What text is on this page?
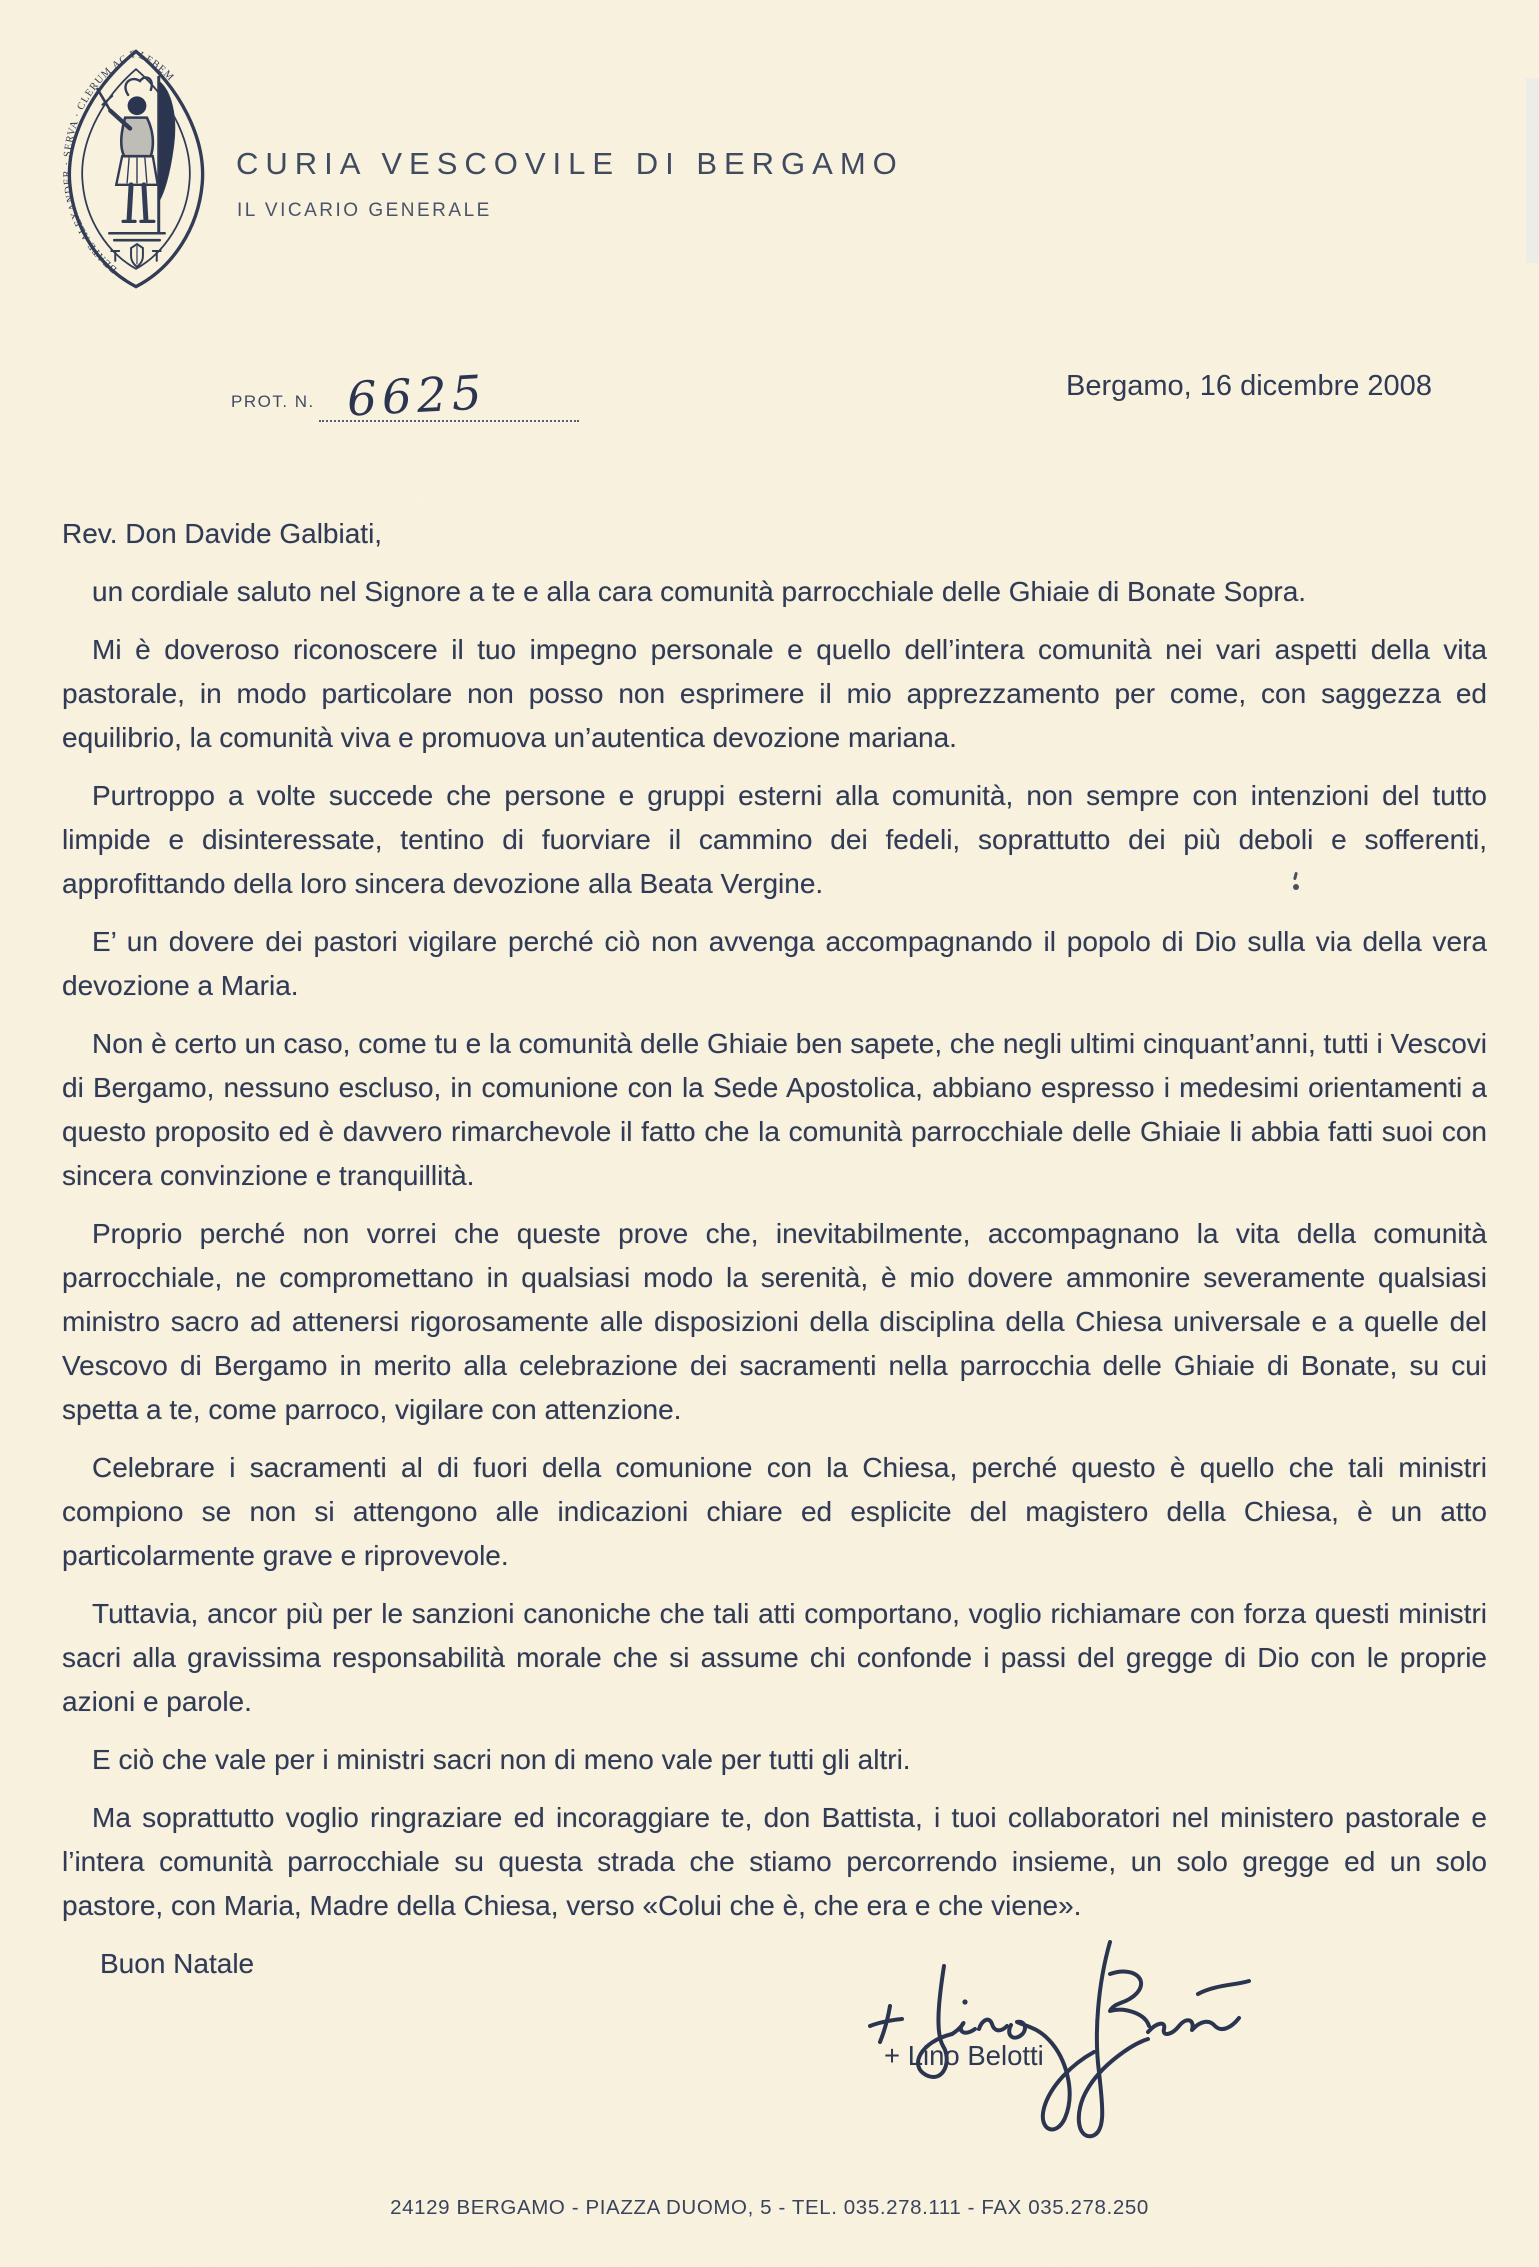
BEATE ALEXANDER · SERVA · CLERUM AC PLEBEM
CURIA VESCOVILE DI BERGAMO
IL VICARIO GENERALE
PROT. N. 6625	Bergamo, 16 dicembre 2008

Rev. Don Davide Galbiati,

un cordiale saluto nel Signore a te e alla cara comunità parrocchiale delle Ghiaie di Bonate Sopra.

Mi è doveroso riconoscere il tuo impegno personale e quello dell’intera comunità nei vari aspetti della vita pastorale, in modo particolare non posso non esprimere il mio apprezzamento per come, con saggezza ed equilibrio, la comunità viva e promuova un’autentica devozione mariana.

Purtroppo a volte succede che persone e gruppi esterni alla comunità, non sempre con intenzioni del tutto limpide e disinteressate, tentino di fuorviare il cammino dei fedeli, soprattutto dei più deboli e sofferenti, approfittando della loro sincera devozione alla Beata Vergine.

E’ un dovere dei pastori vigilare perché ciò non avvenga accompagnando il popolo di Dio sulla via della vera devozione a Maria.

Non è certo un caso, come tu e la comunità delle Ghiaie ben sapete, che negli ultimi cinquant’anni, tutti i Vescovi di Bergamo, nessuno escluso, in comunione con la Sede Apostolica, abbiano espresso i medesimi orientamenti a questo proposito ed è davvero rimarchevole il fatto che la comunità parrocchiale delle Ghiaie li abbia fatti suoi con sincera convinzione e tranquillità.

Proprio perché non vorrei che queste prove che, inevitabilmente, accompagnano la vita della comunità parrocchiale, ne compromettano in qualsiasi modo la serenità, è mio dovere ammonire severamente qualsiasi ministro sacro ad attenersi rigorosamente alle disposizioni della disciplina della Chiesa universale e a quelle del Vescovo di Bergamo in merito alla celebrazione dei sacramenti nella parrocchia delle Ghiaie di Bonate, su cui spetta a te, come parroco, vigilare con attenzione.

Celebrare i sacramenti al di fuori della comunione con la Chiesa, perché questo è quello che tali ministri compiono se non si attengono alle indicazioni chiare ed esplicite del magistero della Chiesa, è un atto particolarmente grave e riprovevole.

Tuttavia, ancor più per le sanzioni canoniche che tali atti comportano, voglio richiamare con forza questi ministri sacri alla gravissima responsabilità morale che si assume chi confonde i passi del gregge di Dio con le proprie azioni e parole.

E ciò che vale per i ministri sacri non di meno vale per tutti gli altri.

Ma soprattutto voglio ringraziare ed incoraggiare te, don Battista, i tuoi collaboratori nel ministero pastorale e l’intera comunità parrocchiale su questa strada che stiamo percorrendo insieme, un solo gregge ed un solo pastore, con Maria, Madre della Chiesa, verso «Colui che è, che era e che viene».

Buon Natale

+ Lino Belotti
24129 BERGAMO - PIAZZA DUOMO, 5 - TEL. 035.278.111 - FAX 035.278.250
